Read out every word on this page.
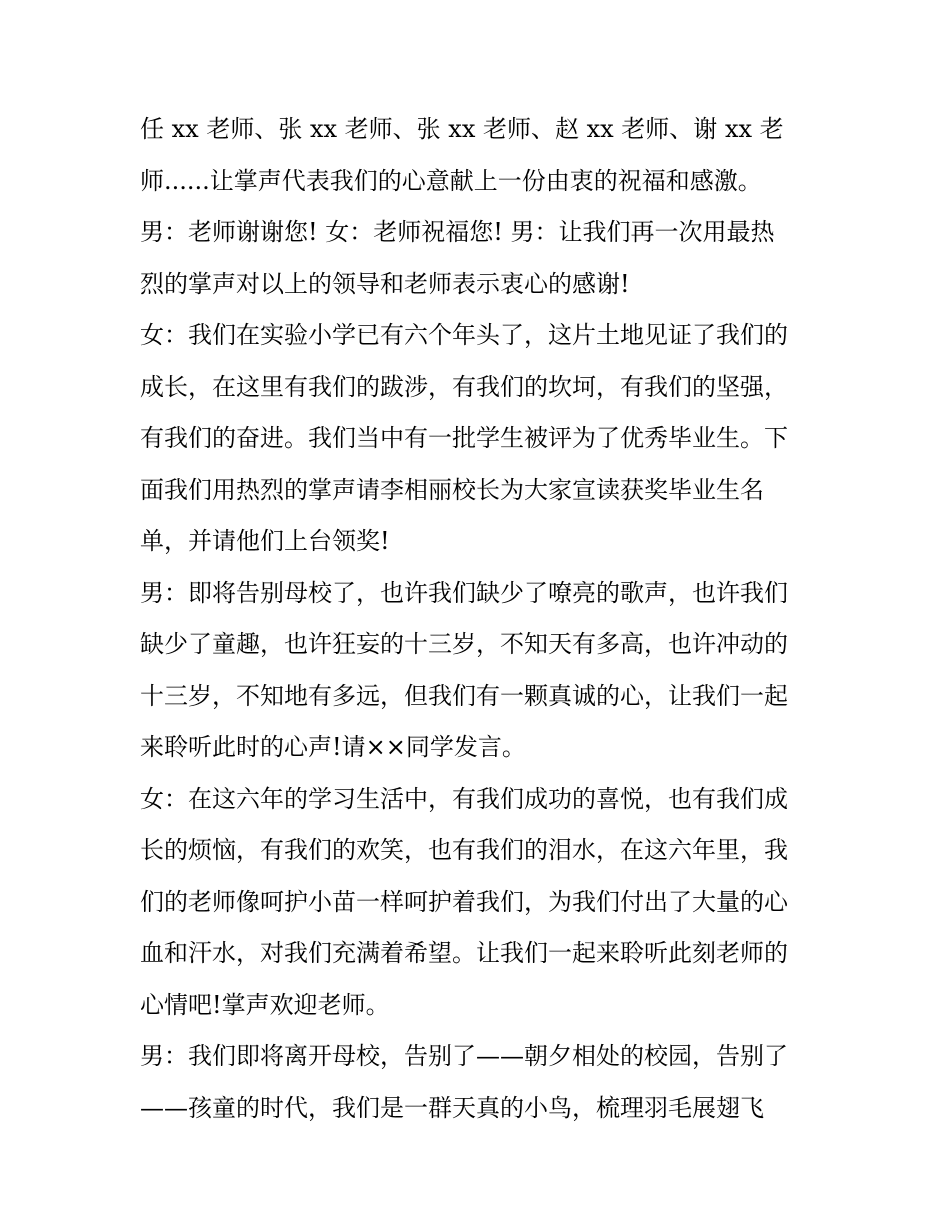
任 xx 老师、张 xx 老师、张 xx 老师、赵 xx 老师、谢 xx 老
师......让掌声代表我们的心意献上一份由衷的祝福和感激。
男：老师谢谢您! 女：老师祝福您! 男：让我们再一次用最热
烈的掌声对以上的领导和老师表示衷心的感谢!
女：我们在实验小学已有六个年头了，这片土地见证了我们的
成长，在这里有我们的跋涉，有我们的坎坷，有我们的坚强，
有我们的奋进。我们当中有一批学生被评为了优秀毕业生。下
面我们用热烈的掌声请李相丽校长为大家宣读获奖毕业生名
单，并请他们上台领奖!
男：即将告别母校了，也许我们缺少了嘹亮的歌声，也许我们
缺少了童趣，也许狂妄的十三岁，不知天有多高，也许冲动的
十三岁，不知地有多远，但我们有一颗真诚的心，让我们一起
来聆听此时的心声!请××同学发言。
女：在这六年的学习生活中，有我们成功的喜悦，也有我们成
长的烦恼，有我们的欢笑，也有我们的泪水，在这六年里，我
们的老师像呵护小苗一样呵护着我们，为我们付出了大量的心
血和汗水，对我们充满着希望。让我们一起来聆听此刻老师的
心情吧!掌声欢迎老师。
男：我们即将离开母校，告别了——朝夕相处的校园，告别了
——孩童的时代，我们是一群天真的小鸟，梳理羽毛展翅飞
